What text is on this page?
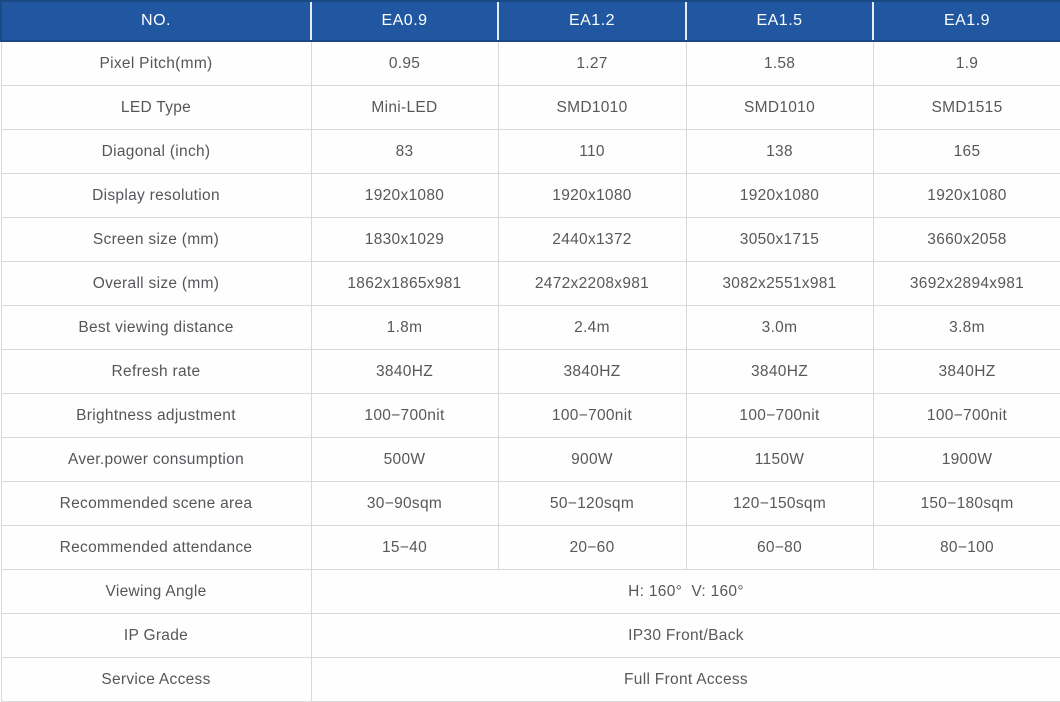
NO.	EA0.9	EA1.2	EA1.5	EA1.9
Pixel Pitch(mm)	0.95	1.27	1.58	1.9
LED Type	Mini-LED	SMD1010	SMD1010	SMD1515
Diagonal (inch)	83	110	138	165
Display resolution	1920x1080	1920x1080	1920x1080	1920x1080
Screen size (mm)	1830x1029	2440x1372	3050x1715	3660x2058
Overall size (mm)	1862x1865x981	2472x2208x981	3082x2551x981	3692x2894x981
Best viewing distance	1.8m	2.4m	3.0m	3.8m
Refresh rate	3840HZ	3840HZ	3840HZ	3840HZ
Brightness adjustment	100−700nit	100−700nit	100−700nit	100−700nit
Aver.power consumption	500W	900W	1150W	1900W
Recommended scene area	30−90sqm	50−120sqm	120−150sqm	150−180sqm
Recommended attendance	15−40	20−60	60−80	80−100
Viewing Angle	H: 160°  V: 160°			
IP Grade	IP30 Front/Back			
Service Access	Full Front Access			
